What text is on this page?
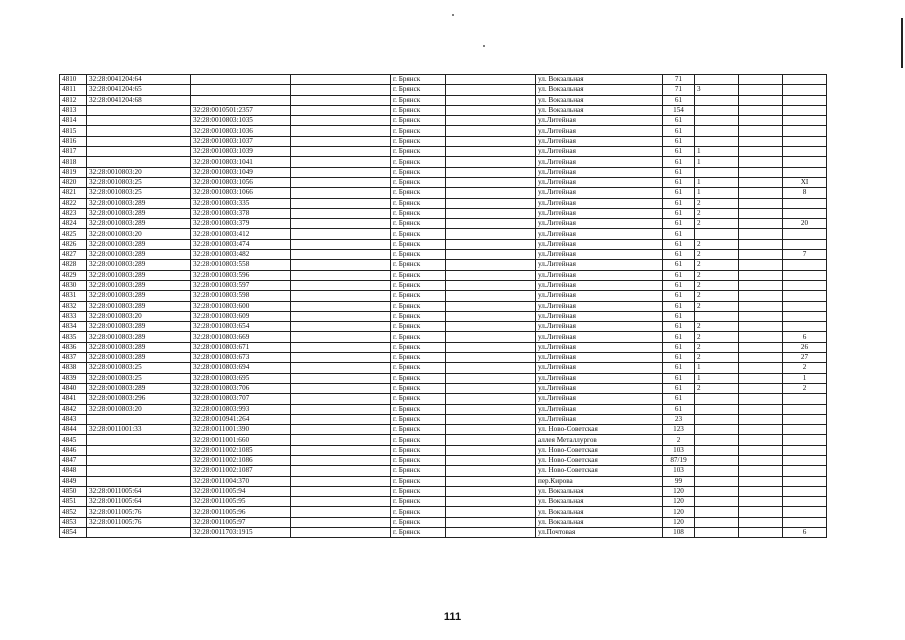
4810	32:28:0041204:64			г. Брянск		ул. Вокзальная	71			
4811	32:28:0041204:65			г. Брянск		ул. Вокзальная	71	3		
4812	32:28:0041204:68			г. Брянск		ул. Вокзальная	61			
4813		32:28:0010501:2357		г. Брянск		ул. Вокзальная	154			
4814		32:28:0010803:1035		г. Брянск		ул.Литейная	61			
4815		32:28:0010803:1036		г. Брянск		ул.Литейная	61			
4816		32:28:0010803:1037		г. Брянск		ул.Литейная	61			
4817		32:28:0010803:1039		г. Брянск		ул.Литейная	61	1		
4818		32:28:0010803:1041		г. Брянск		ул.Литейная	61	1		
4819	32:28:0010803:20	32:28:0010803:1049		г. Брянск		ул.Литейная	61			
4820	32:28:0010803:25	32:28:0010803:1056		г. Брянск		ул.Литейная	61	1		XI
4821	32:28:0010803:25	32:28:0010803:1066		г. Брянск		ул.Литейная	61	1		8
4822	32:28:0010803:289	32:28:0010803:335		г. Брянск		ул.Литейная	61	2		
4823	32:28:0010803:289	32:28:0010803:378		г. Брянск		ул.Литейная	61	2		
4824	32:28:0010803:289	32:28:0010803:379		г. Брянск		ул.Литейная	61	2		20
4825	32:28:0010803:20	32:28:0010803:412		г. Брянск		ул.Литейная	61			
4826	32:28:0010803:289	32:28:0010803:474		г. Брянск		ул.Литейная	61	2		
4827	32:28:0010803:289	32:28:0010803:482		г. Брянск		ул.Литейная	61	2		7
4828	32:28:0010803:289	32:28:0010803:558		г. Брянск		ул.Литейная	61	2		
4829	32:28:0010803:289	32:28:0010803:596		г. Брянск		ул.Литейная	61	2		
4830	32:28:0010803:289	32:28:0010803:597		г. Брянск		ул.Литейная	61	2		
4831	32:28:0010803:289	32:28:0010803:598		г. Брянск		ул.Литейная	61	2		
4832	32:28:0010803:289	32:28:0010803:600		г. Брянск		ул.Литейная	61	2		
4833	32:28:0010803:20	32:28:0010803:609		г. Брянск		ул.Литейная	61			
4834	32:28:0010803:289	32:28:0010803:654		г. Брянск		ул.Литейная	61	2		
4835	32:28:0010803:289	32:28:0010803:669		г. Брянск		ул.Литейная	61	2		6
4836	32:28:0010803:289	32:28:0010803:671		г. Брянск		ул.Литейная	61	2		26
4837	32:28:0010803:289	32:28:0010803:673		г. Брянск		ул.Литейная	61	2		27
4838	32:28:0010803:25	32:28:0010803:694		г. Брянск		ул.Литейная	61	1		2
4839	32:28:0010803:25	32:28:0010803:695		г. Брянск		ул.Литейная	61	1		1
4840	32:28:0010803:289	32:28:0010803:706		г. Брянск		ул.Литейная	61	2		2
4841	32:28:0010803:296	32:28:0010803:707		г. Брянск		ул.Литейная	61			
4842	32:28:0010803:20	32:28:0010803:993		г. Брянск		ул.Литейная	61			
4843		32:28:0010941:264		г. Брянск		ул.Литейная	23			
4844	32:28:0011001:33	32:28:0011001:390		г. Брянск		ул. Ново-Советская	123			
4845		32:28:0011001:660		г. Брянск		аллея Металлургов	2			
4846		32:28:0011002:1085		г. Брянск		ул. Ново-Советская	103			
4847		32:28:0011002:1086		г. Брянск		ул. Ново-Советская	87/19			
4848		32:28:0011002:1087		г. Брянск		ул. Ново-Советская	103			
4849		32:28:0011004:370		г. Брянск		пер.Кирова	99			
4850	32:28:0011005:64	32:28:0011005:94		г. Брянск		ул. Вокзальная	120			
4851	32:28:0011005:64	32:28:0011005:95		г. Брянск		ул. Вокзальная	120			
4852	32:28:0011005:76	32:28:0011005:96		г. Брянск		ул. Вокзальная	120			
4853	32:28:0011005:76	32:28:0011005:97		г. Брянск		ул. Вокзальная	120			
4854		32:28:0011703:1915		г. Брянск		ул.Почтовая	108			6
111
